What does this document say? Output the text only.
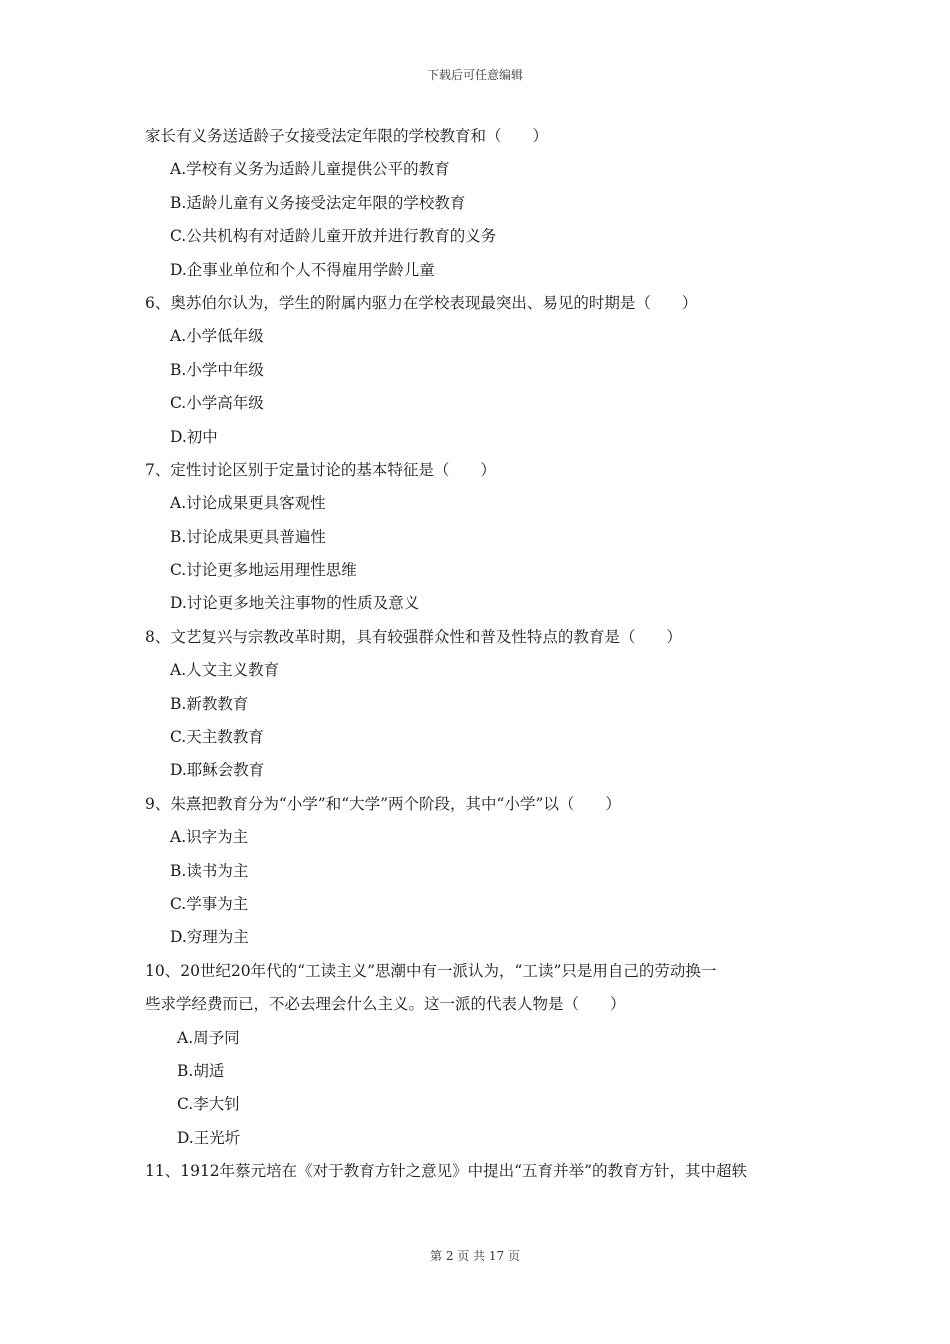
下载后可任意编辑
家长有义务送适龄子女接受法定年限的学校教育和（　　）
A.学校有义务为适龄儿童提供公平的教育
B.适龄儿童有义务接受法定年限的学校教育
C.公共机构有对适龄儿童开放并进行教育的义务
D.企事业单位和个人不得雇用学龄儿童
6、奥苏伯尔认为，学生的附属内驱力在学校表现最突出、易见的时期是（　　）
A.小学低年级
B.小学中年级
C.小学高年级
D.初中
7、定性讨论区别于定量讨论的基本特征是（　　）
A.讨论成果更具客观性
B.讨论成果更具普遍性
C.讨论更多地运用理性思维
D.讨论更多地关注事物的性质及意义
8、文艺复兴与宗教改革时期，具有较强群众性和普及性特点的教育是（　　）
A.人文主义教育
B.新教教育
C.天主教教育
D.耶稣会教育
9、朱熹把教育分为“小学”和“大学”两个阶段，其中“小学”以（　　）
A.识字为主
B.读书为主
C.学事为主
D.穷理为主
10、20世纪20年代的“工读主义”思潮中有一派认为，“工读”只是用自己的劳动换一
些求学经费而已，不必去理会什么主义。这一派的代表人物是（　　）
A.周予同
B.胡适
C.李大钊
D.王光圻
11、1912年蔡元培在《对于教育方针之意见》中提出“五育并举”的教育方针，其中超轶
第 2 页 共 17 页
